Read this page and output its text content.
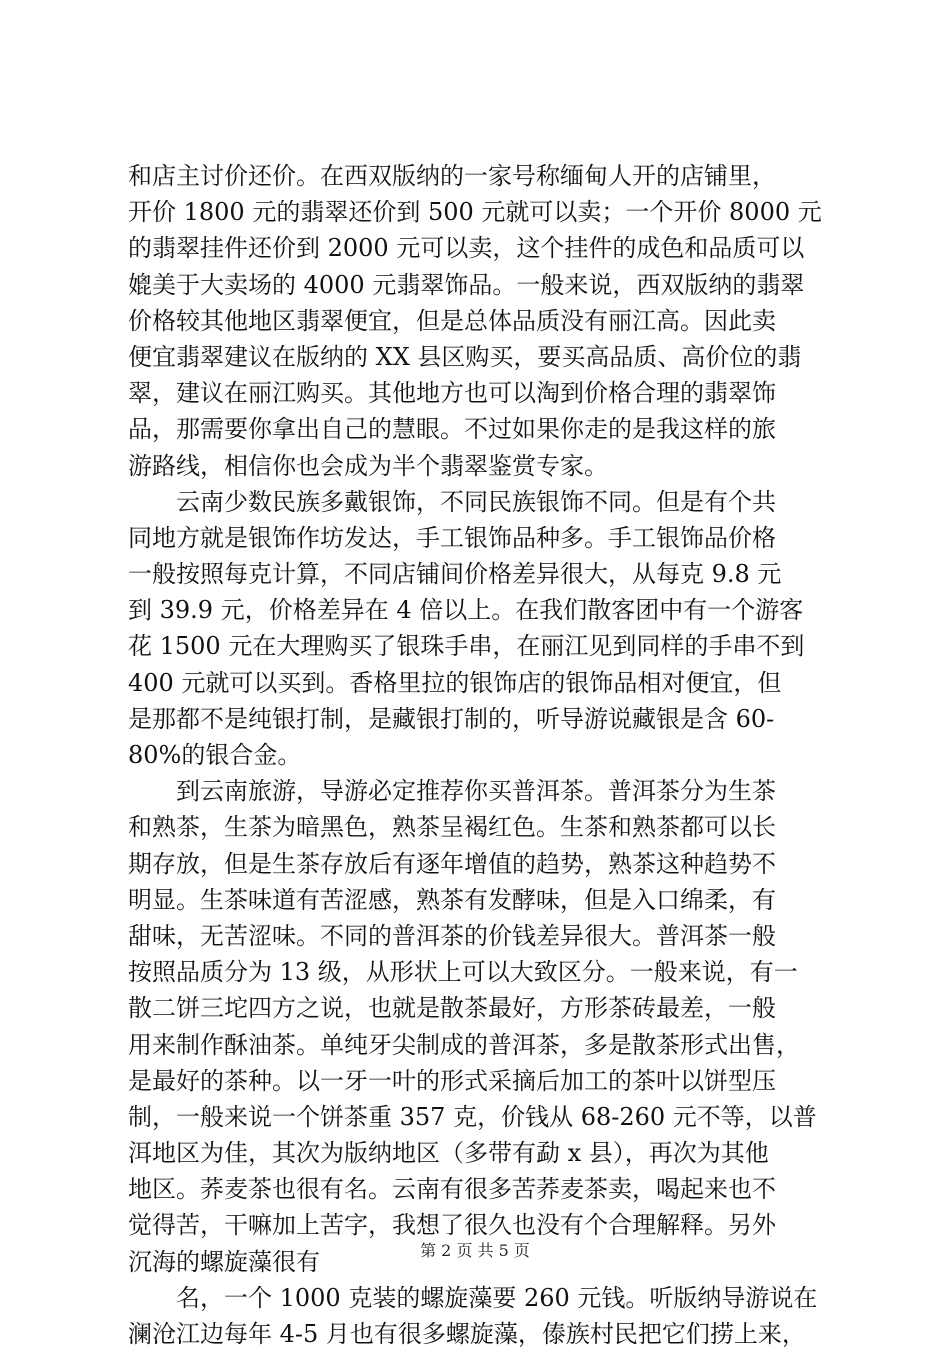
和店主讨价还价。在西双版纳的一家号称缅甸人开的店铺里，
开价 1800 元的翡翠还价到 500 元就可以卖；一个开价 8000 元
的翡翠挂件还价到 2000 元可以卖，这个挂件的成色和品质可以
媲美于大卖场的 4000 元翡翠饰品。一般来说，西双版纳的翡翠
价格较其他地区翡翠便宜，但是总体品质没有丽江高。因此卖
便宜翡翠建议在版纳的 XX 县区购买，要买高品质、高价位的翡
翠，建议在丽江购买。其他地方也可以淘到价格合理的翡翠饰
品，那需要你拿出自己的慧眼。不过如果你走的是我这样的旅
游路线，相信你也会成为半个翡翠鉴赏专家。
　　云南少数民族多戴银饰，不同民族银饰不同。但是有个共
同地方就是银饰作坊发达，手工银饰品种多。手工银饰品价格
一般按照每克计算，不同店铺间价格差异很大，从每克 9.8 元
到 39.9 元，价格差异在 4 倍以上。在我们散客团中有一个游客
花 1500 元在大理购买了银珠手串，在丽江见到同样的手串不到
400 元就可以买到。香格里拉的银饰店的银饰品相对便宜，但
是那都不是纯银打制，是藏银打制的，听导游说藏银是含 60-
80%的银合金。
　　到云南旅游，导游必定推荐你买普洱茶。普洱茶分为生茶
和熟茶，生茶为暗黑色，熟茶呈褐红色。生茶和熟茶都可以长
期存放，但是生茶存放后有逐年增值的趋势，熟茶这种趋势不
明显。生茶味道有苦涩感，熟茶有发酵味，但是入口绵柔，有
甜味，无苦涩味。不同的普洱茶的价钱差异很大。普洱茶一般
按照品质分为 13 级，从形状上可以大致区分。一般来说，有一
散二饼三坨四方之说，也就是散茶最好，方形茶砖最差，一般
用来制作酥油茶。单纯牙尖制成的普洱茶，多是散茶形式出售，
是最好的茶种。以一牙一叶的形式采摘后加工的茶叶以饼型压
制，一般来说一个饼茶重 357 克，价钱从 68-260 元不等，以普
洱地区为佳，其次为版纳地区（多带有勐 x 县），再次为其他
地区。荞麦茶也很有名。云南有很多苦荞麦茶卖，喝起来也不
觉得苦，干嘛加上苦字，我想了很久也没有个合理解释。另外
沉海的螺旋藻很有
　　名，一个 1000 克装的螺旋藻要 260 元钱。听版纳导游说在
澜沧江边每年 4-5 月也有很多螺旋藻，傣族村民把它们捞上来，
第 2 页 共 5 页
